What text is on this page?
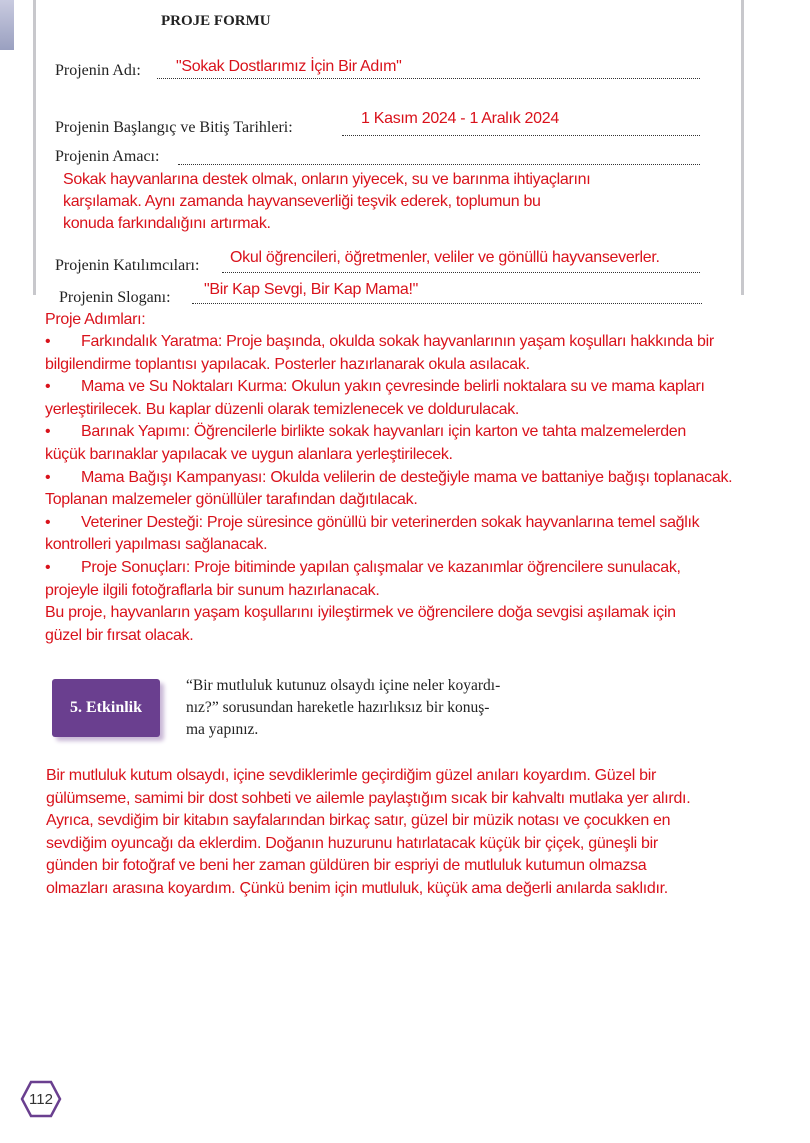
PROJE FORMU
Projenin Adı: "Sokak Dostlarımız İçin Bir Adım"
Projenin Başlangıç ve Bitiş Tarihleri:
1 Kasım 2024 - 1 Aralık 2024
Projenin Amacı:
Sokak hayvanlarına destek olmak, onların yiyecek, su ve barınma ihtiyaçlarını
karşılamak. Aynı zamanda hayvanseverliği teşvik ederek, toplumun bu
konuda farkındalığını artırmak.
Projenin Katılımcıları: Okul öğrencileri, öğretmenler, veliler ve gönüllü hayvanseverler.
Projenin Sloganı: "Bir Kap Sevgi, Bir Kap Mama!"
Proje Adımları:
• Farkındalık Yaratma: Proje başında, okulda sokak hayvanlarının yaşam koşulları hakkında bir
bilgilendirme toplantısı yapılacak. Posterler hazırlanarak okula asılacak.
• Mama ve Su Noktaları Kurma: Okulun yakın çevresinde belirli noktalara su ve mama kapları
yerleştirilecek. Bu kaplar düzenli olarak temizlenecek ve doldurulacak.
• Barınak Yapımı: Öğrencilerle birlikte sokak hayvanları için karton ve tahta malzemelerden
küçük barınaklar yapılacak ve uygun alanlara yerleştirilecek.
• Mama Bağışı Kampanyası: Okulda velilerin de desteğiyle mama ve battaniye bağışı toplanacak.
Toplanan malzemeler gönüllüler tarafından dağıtılacak.
• Veteriner Desteği: Proje süresince gönüllü bir veterinerden sokak hayvanlarına temel sağlık
kontrolleri yapılması sağlanacak.
• Proje Sonuçları: Proje bitiminde yapılan çalışmalar ve kazanımlar öğrencilere sunulacak,
projeyle ilgili fotoğraflarla bir sunum hazırlanacak.
Bu proje, hayvanların yaşam koşullarını iyileştirmek ve öğrencilere doğa sevgisi aşılamak için
güzel bir fırsat olacak.
5. Etkinlik
“Bir mutluluk kutunuz olsaydı içine neler koyardı-
nız?” sorusundan hareketle hazırlıksız bir konuş-
ma yapınız.
Bir mutluluk kutum olsaydı, içine sevdiklerimle geçirdiğim güzel anıları koyardım. Güzel bir
gülümseme, samimi bir dost sohbeti ve ailemle paylaştığım sıcak bir kahvaltı mutlaka yer alırdı.
Ayrıca, sevdiğim bir kitabın sayfalarından birkaç satır, güzel bir müzik notası ve çocukken en
sevdiğim oyuncağı da eklerdim. Doğanın huzurunu hatırlatacak küçük bir çiçek, güneşli bir
günden bir fotoğraf ve beni her zaman güldüren bir espriyi de mutluluk kutumun olmazsa
olmazları arasına koyardım. Çünkü benim için mutluluk, küçük ama değerli anılarda saklıdır.
112
